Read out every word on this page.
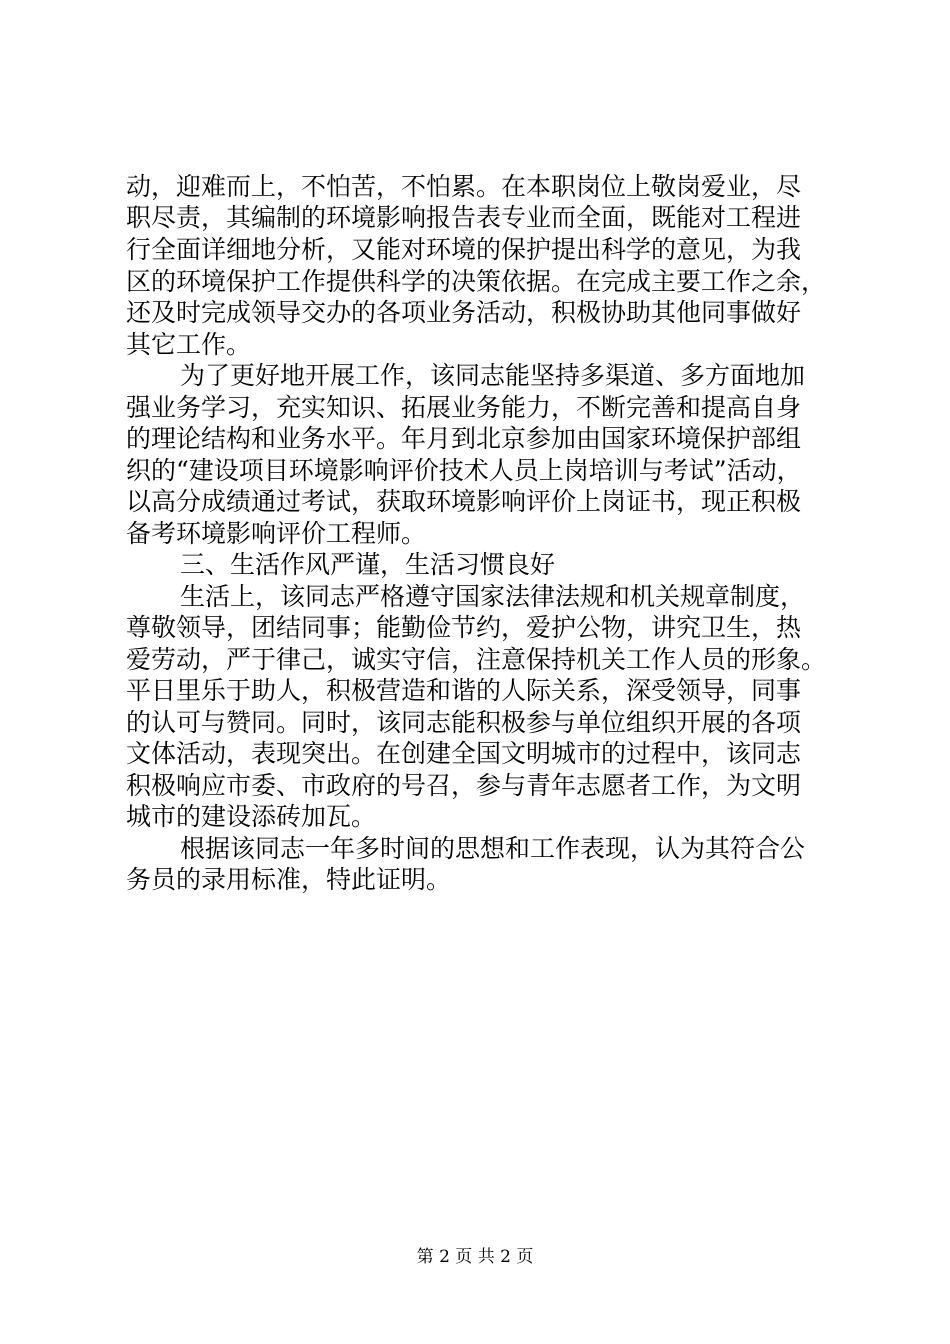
动，迎难而上，不怕苦，不怕累。在本职岗位上敬岗爱业，尽
职尽责，其编制的环境影响报告表专业而全面，既能对工程进
行全面详细地分析，又能对环境的保护提出科学的意见，为我
区的环境保护工作提供科学的决策依据。在完成主要工作之余，
还及时完成领导交办的各项业务活动，积极协助其他同事做好
其它工作。
为了更好地开展工作，该同志能坚持多渠道、多方面地加
强业务学习，充实知识、拓展业务能力，不断完善和提高自身
的理论结构和业务水平。年月到北京参加由国家环境保护部组
织的“建设项目环境影响评价技术人员上岗培训与考试”活动，
以高分成绩通过考试，获取环境影响评价上岗证书，现正积极
备考环境影响评价工程师。
三、生活作风严谨，生活习惯良好
生活上，该同志严格遵守国家法律法规和机关规章制度，
尊敬领导，团结同事；能勤俭节约，爱护公物，讲究卫生，热
爱劳动，严于律己，诚实守信，注意保持机关工作人员的形象。
平日里乐于助人，积极营造和谐的人际关系，深受领导，同事
的认可与赞同。同时，该同志能积极参与单位组织开展的各项
文体活动，表现突出。在创建全国文明城市的过程中，该同志
积极响应市委、市政府的号召，参与青年志愿者工作，为文明
城市的建设添砖加瓦。
根据该同志一年多时间的思想和工作表现，认为其符合公
务员的录用标准，特此证明。
第 2 页 共 2 页
